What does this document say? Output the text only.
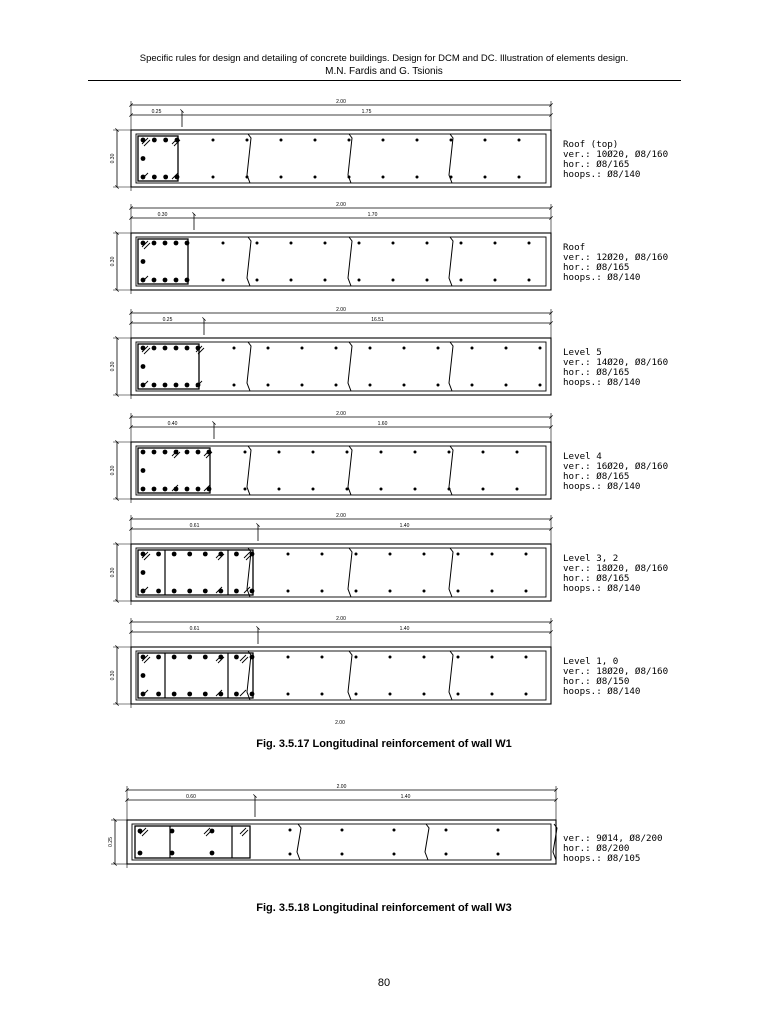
Specific rules for design and detailing of concrete buildings. Design for DCM and DC. Illustration of elements design.
M.N. Fardis and G. Tsionis
2.00
0.25	1.75
0.30
Roof (top)
ver.: 10Ø20, Ø8/160
hor.: Ø8/165
hoops.: Ø8/140
2.00
0.30	1.70
0.30
Roof
ver.: 12Ø20, Ø8/160
hor.: Ø8/165
hoops.: Ø8/140
2.00
0.25	16.51
0.30
Level 5
ver.: 14Ø20, Ø8/160
hor.: Ø8/165
hoops.: Ø8/140
2.00
0.40	1.60
0.30
Level 4
ver.: 16Ø20, Ø8/160
hor.: Ø8/165
hoops.: Ø8/140
2.00
0.61	1.40
0.30
Level 3, 2
ver.: 18Ø20, Ø8/160
hor.: Ø8/165
hoops.: Ø8/140
2.00
0.61	1.40
0.30
Level 1, 0
ver.: 18Ø20, Ø8/160
hor.: Ø8/150
hoops.: Ø8/140
2.00
0.60	1.40
0.25	ver.: 9Ø14, Ø8/200
hor.: Ø8/200
hoops.: Ø8/105
2.00
Fig. 3.5.17 Longitudinal reinforcement of wall W1
Fig. 3.5.18 Longitudinal reinforcement of wall W3
80
